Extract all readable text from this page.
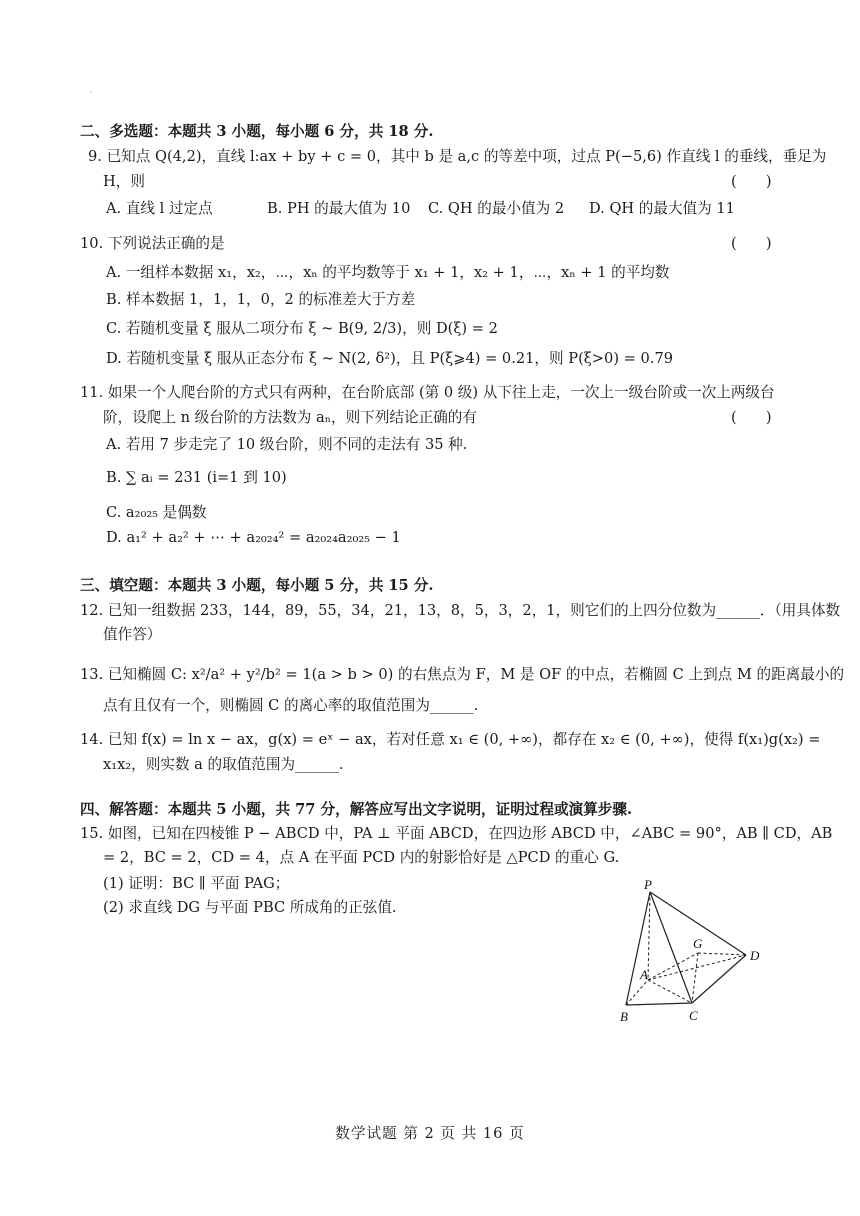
·
二、多选题：本题共 3 小题，每小题 6 分，共 18 分.
9. 已知点 Q(4,2)，直线 l:ax + by + c = 0，其中 b 是 a,c 的等差中项，过点 P(−5,6) 作直线 l 的垂线，垂足为
H，则	(　　)
A. 直线 l 过定点	B. PH 的最大值为 10 C. QH 的最小值为 2 D. QH 的最大值为 11
10. 下列说法正确的是	(　　)
A. 一组样本数据 x₁，x₂，⋯，xₙ 的平均数等于 x₁ + 1，x₂ + 1，⋯，xₙ + 1 的平均数
B. 样本数据 1，1，1，0，2 的标准差大于方差
C. 若随机变量 ξ 服从二项分布 ξ ~ B(9, 2/3)，则 D(ξ) = 2
D. 若随机变量 ξ 服从正态分布 ξ ~ N(2, δ²)，且 P(ξ⩾4) = 0.21，则 P(ξ>0) = 0.79
11. 如果一个人爬台阶的方式只有两种，在台阶底部 (第 0 级) 从下往上走，一次上一级台阶或一次上两级台
阶，设爬上 n 级台阶的方法数为 aₙ，则下列结论正确的有	(　　)
A. 若用 7 步走完了 10 级台阶，则不同的走法有 35 种.
B. ∑ aᵢ = 231 (i=1 到 10)
C. a₂₀₂₅ 是偶数
D. a₁² + a₂² + ⋯ + a₂₀₂₄² = a₂₀₂₄a₂₀₂₅ − 1
三、填空题：本题共 3 小题，每小题 5 分，共 15 分.
12. 已知一组数据 233，144，89，55，34，21，13，8，5，3，2，1，则它们的上四分位数为______．（用具体数
值作答）
13. 已知椭圆 C: x²/a² + y²/b² = 1(a > b > 0) 的右焦点为 F，M 是 OF 的中点，若椭圆 C 上到点 M 的距离最小的
点有且仅有一个，则椭圆 C 的离心率的取值范围为______.
14. 已知 f(x) = ln x − ax，g(x) = eˣ − ax，若对任意 x₁ ∈ (0, +∞)，都存在 x₂ ∈ (0, +∞)，使得 f(x₁)g(x₂) =
x₁x₂，则实数 a 的取值范围为______.
四、解答题：本题共 5 小题，共 77 分，解答应写出文字说明，证明过程或演算步骤.
15. 如图，已知在四棱锥 P − ABCD 中，PA ⊥ 平面 ABCD，在四边形 ABCD 中，∠ABC = 90°，AB ∥ CD，AB
= 2，BC = 2，CD = 4，点 A 在平面 PCD 内的射影恰好是 △PCD 的重心 G.
(1) 证明：BC ∥ 平面 PAG；
(2) 求直线 DG 与平面 PBC 所成角的正弦值.
P
A
B	C
D
G
数学试题 第 2 页 共 16 页
